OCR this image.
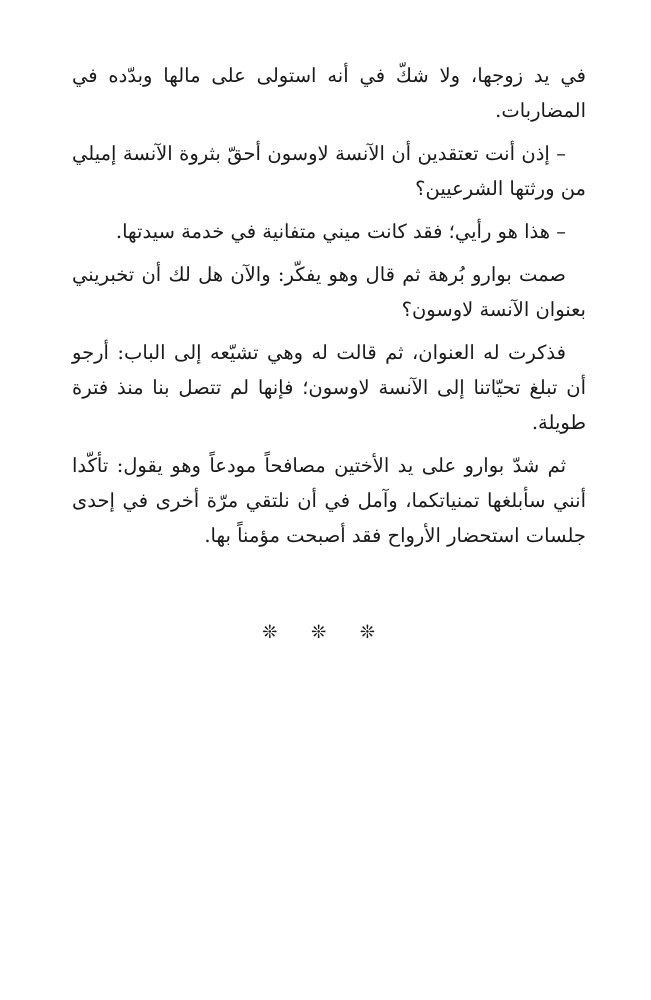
في يد زوجها، ولا شكّ في أنه استولى على مالها وبدّده في المضاربات.

– إذن أنت تعتقدين أن الآنسة لاوسون أحقّ بثروة الآنسة إميلي من ورثتها الشرعيين؟

– هذا هو رأيي؛ فقد كانت ميني متفانية في خدمة سيدتها.

صمت بوارو بُرهة ثم قال وهو يفكّر: والآن هل لك أن تخبريني بعنوان الآنسة لاوسون؟

فذكرت له العنوان، ثم قالت له وهي تشيّعه إلى الباب: أرجو أن تبلغ تحيّاتنا إلى الآنسة لاوسون؛ فإنها لم تتصل بنا منذ فترة طويلة.

ثم شدّ بوارو على يد الأختين مصافحاً مودعاً وهو يقول: تأكّدا أنني سأبلغها تمنياتكما، وآمل في أن نلتقي مرّة أخرى في إحدى جلسات استحضار الأرواح فقد أصبحت مؤمناً بها.

❊ ❊ ❊
